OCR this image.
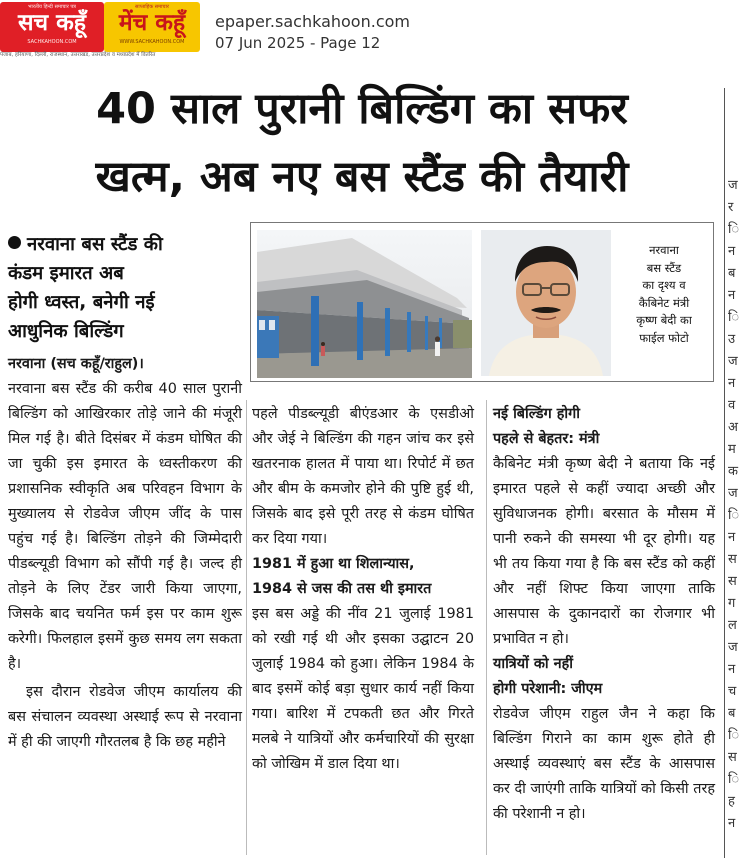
भारतीय हिन्दी समाचार पत्र
सच कहूँ
SACHKAHOON.COM
साप्ताहिक समाचार
मेंच कहूँ
WWW.SACHKAHOON.COM
पंजाब, हरियाणा, दिल्ली, राजस्थान, उत्तराखंड, उत्तरप्रदेश व मध्यप्रदेश में वितरित
epaper.sachkahoon.com
07 Jun 2025 - Page 12
40 साल पुरानी बिल्डिंग का सफर
खत्म, अब नए बस स्टैंड की तैयारी
नरवाना बस स्टैंड की
कंडम इमारत अब
होगी ध्वस्त, बनेगी नई
आधुनिक बिल्डिंग
नरवाना
बस स्टैंड
का दृश्य व
कैबिनेट मंत्री
कृष्ण बेदी का
फाईल फोटो

नरवाना (सच कहूँ/राहुल)।

नरवाना बस स्टैंड की करीब 40 साल पुरानी बिल्डिंग को आखिरकार तोड़े जाने की मंजूरी मिल गई है। बीते दिसंबर में कंडम घोषित की जा चुकी इस इमारत के ध्वस्तीकरण की प्रशासनिक स्वीकृति अब परिवहन विभाग के मुख्यालय से रोडवेज जीएम जींद के पास पहुंच गई है। बिल्डिंग तोड़ने की जिम्मेदारी पीडब्ल्यूडी विभाग को सौंपी गई है। जल्द ही तोड़ने के लिए टेंडर जारी किया जाएगा, जिसके बाद चयनित फर्म इस पर काम शुरू करेगी। फिलहाल इसमें कुछ समय लग सकता है।

इस दौरान रोडवेज जीएम कार्यालय की बस संचालन व्यवस्था अस्थाई रूप से नरवाना में ही की जाएगी गौरतलब है कि छह महीने

पहले पीडब्ल्यूडी बीएंडआर के एसडीओ और जेई ने बिल्डिंग की गहन जांच कर इसे खतरनाक हालत में पाया था। रिपोर्ट में छत और बीम के कमजोर होने की पुष्टि हुई थी, जिसके बाद इसे पूरी तरह से कंडम घोषित कर दिया गया।

1981 में हुआ था शिलान्यास,

1984 से जस की तस थी इमारत

इस बस अड्डे की नींव 21 जुलाई 1981 को रखी गई थी और इसका उद्घाटन 20 जुलाई 1984 को हुआ। लेकिन 1984 के बाद इसमें कोई बड़ा सुधार कार्य नहीं किया गया। बारिश में टपकती छत और गिरते मलबे ने यात्रियों और कर्मचारियों की सुरक्षा को जोखिम में डाल दिया था।

नई बिल्डिंग होगी

पहले से बेहतर: मंत्री

कैबिनेट मंत्री कृष्ण बेदी ने बताया कि नई इमारत पहले से कहीं ज्यादा अच्छी और सुविधाजनक होगी। बरसात के मौसम में पानी रुकने की समस्या भी दूर होगी। यह भी तय किया गया है कि बस स्टैंड को कहीं और नहीं शिफ्ट किया जाएगा ताकि आसपास के दुकानदारों का रोजगार भी प्रभावित न हो।

यात्रियों को नहीं

होगी परेशानी: जीएम

रोडवेज जीएम राहुल जैन ने कहा कि बिल्डिंग गिराने का काम शुरू होते ही अस्थाई व्यवस्थाएं बस स्टैंड के आसपास कर दी जाएंगी ताकि यात्रियों को किसी तरह की परेशानी न हो।

ज
र
ि
न
ब
न
ि
उ
ज
न
व
अ
म
क
ज
ि
न
स
स
ग
ल
ज
न
च
ब
ि
स
ि
ह
न
